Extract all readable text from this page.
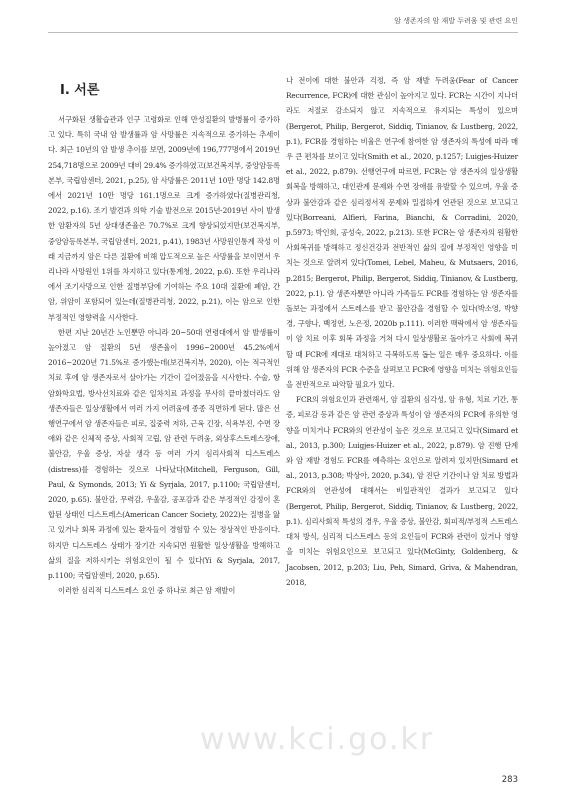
암 생존자의 암 재발 두려움 및 관련 요인
Ⅰ. 서론

서구화된 생활습관과 인구 고령화로 인해 만성질환의 발병률이 증가하고 있다. 특히 국내 암 발생률과 암 사망률은 지속적으로 증가하는 추세이다. 최근 10년의 암 발생 추이를 보면, 2009년에 196,777명에서 2019년 254,718명으로 2009년 대비 29.4% 증가하였고(보건복지부, 중앙암등록본부, 국립암센터, 2021, p.25), 암 사망률은 2011년 10만 명당 142.8명에서 2021년 10만 명당 161.1명으로 크게 증가하였다(질병관리청, 2022, p.16). 조기 발견과 의학 기술 발전으로 2015년-2019년 사이 발생한 암환자의 5년 상대생존율은 70.7%로 크게 향상되었지만(보건복지부, 중앙암등록본부, 국립암센터, 2021, p.41), 1983년 사망원인통계 작성 이래 지금까지 암은 다른 질환에 비해 압도적으로 높은 사망률을 보이면서 우리나라 사망원인 1위를 차지하고 있다(통계청, 2022, p.6). 또한 우리나라에서 조기사망으로 인한 질병부담에 기여하는 주요 10대 질환에 폐암, 간암, 위암이 포함되어 있는데(질병관리청, 2022, p.21), 이는 암으로 인한 부정적인 영향력을 시사한다.

한편 지난 20년간 노인뿐만 아니라 20~50대 연령대에서 암 발생률이 높아졌고 암 질환의 5년 생존율이 1996~2000년 45.2%에서 2016~2020년 71.5%로 증가했는데(보건복지부, 2020), 이는 적극적인 치료 후에 암 생존자로서 살아가는 기간이 길어졌음을 시사한다. 수술, 항암화학요법, 방사선치료와 같은 일차치료 과정을 무사히 끝마쳤더라도 암 생존자들은 일상생활에서 여러 가지 어려움에 종종 직면하게 된다. 많은 선행연구에서 암 생존자들은 피로, 집중력 저하, 근육 긴장, 식욕부진, 수면 장애와 같은 신체적 증상, 사회적 고립, 암 관련 두려움, 외상후스트레스장애, 불안감, 우울 증상, 자살 생각 등 여러 가지 심리사회적 디스트레스(distress)를 경험하는 것으로 나타났다(Mitchell, Ferguson, Gill, Paul, & Symonds, 2013; Yi & Syrjala, 2017, p.1100; 국립암센터, 2020, p.65). 불안감, 무력감, 우울감, 공포감과 같은 부정적인 감정이 혼합된 상태인 디스트레스(American Cancer Society, 2022)는 질병을 앓고 있거나 회복 과정에 있는 환자들이 경험할 수 있는 정상적인 반응이다. 하지만 디스트레스 상태가 장기간 지속되면 원활한 일상생활을 방해하고 삶의 질을 저하시키는 위험요인이 될 수 있다(Yi & Syrjala, 2017, p.1100; 국립암센터, 2020, p.65).

이러한 심리적 디스트레스 요인 중 하나로 최근 암 재발이

나 전이에 대한 불안과 걱정, 즉 암 재발 두려움(Fear of Cancer Recurrence, FCR)에 대한 관심이 높아지고 있다. FCR는 시간이 지나더라도 저절로 감소되지 않고 지속적으로 유지되는 특성이 있으며(Bergerot, Philip, Bergerot, Siddiq, Tinianov, & Lustberg, 2022, p.1), FCR를 경험하는 비율은 연구에 참여한 암 생존자의 특성에 따라 매우 큰 편차를 보이고 있다(Smith et al., 2020, p.1257; Luigjes-Huizer et al., 2022, p.879). 선행연구에 따르면, FCR는 암 생존자의 일상생활 회복을 방해하고, 대인관계 문제와 수면 장애를 유발할 수 있으며, 우울 증상과 불안감과 같은 심리정서적 문제와 밀접하게 연관된 것으로 보고되고 있다(Borreani, Alfieri, Farina, Bianchi, & Corradini, 2020, p.5973; 박인희, 공성숙, 2022, p.213). 또한 FCR는 암 생존자의 원활한 사회복귀를 방해하고 정신건강과 전반적인 삶의 질에 부정적인 영향을 미치는 것으로 알려져 있다(Tomei, Lebel, Maheu, & Mutsaers, 2016, p.2815; Bergerot, Philip, Bergerot, Siddiq, Tinianov, & Lustberg, 2022, p.1). 암 생존자뿐만 아니라 가족들도 FCR를 경험하는 암 생존자를 돌보는 과정에서 스트레스를 받고 불안감을 경험할 수 있다(박소영, 박향경, 구향나, 백정연, 노은정, 2020b p.111). 이러한 맥락에서 암 생존자들이 암 치료 이후 회복 과정을 거쳐 다시 일상생활로 돌아가고 사회에 복귀할 때 FCR에 제대로 대처하고 극복하도록 돕는 일은 매우 중요하다. 이를 위해 암 생존자의 FCR 수준을 살펴보고 FCR에 영향을 미치는 위험요인들을 전반적으로 파악할 필요가 있다.

FCR의 위험요인과 관련해서, 암 질환의 심각성, 암 유형, 치료 기간, 통증, 피로감 등과 같은 암 관련 증상과 특성이 암 생존자의 FCR에 유의한 영향을 미치거나 FCR와의 연관성이 높은 것으로 보고되고 있다(Simard et al., 2013, p.300; Luigjes-Huizer et al., 2022, p.879). 암 진행 단계와 암 재발 경험도 FCR를 예측하는 요인으로 알려져 있지만(Simard et al., 2013, p.308; 박상아, 2020, p.34), 암 진단 기간이나 암 치료 방법과 FCR와의 연관성에 대해서는 비일관적인 결과가 보고되고 있다(Bergerot, Philip, Bergerot, Siddiq, Tinianov, & Lustberg, 2022, p.1). 심리사회적 특성의 경우, 우울 증상, 불안감, 회피적/부정적 스트레스 대처 방식, 심리적 디스트레스 등의 요인들이 FCR와 관련이 있거나 영향을 미치는 위험요인으로 보고되고 있다(McGinty, Goldenberg, & Jacobsen, 2012, p.203; Liu, Peh, Simard, Griva, & Mahendran, 2018,

www.kci.go.kr
283
